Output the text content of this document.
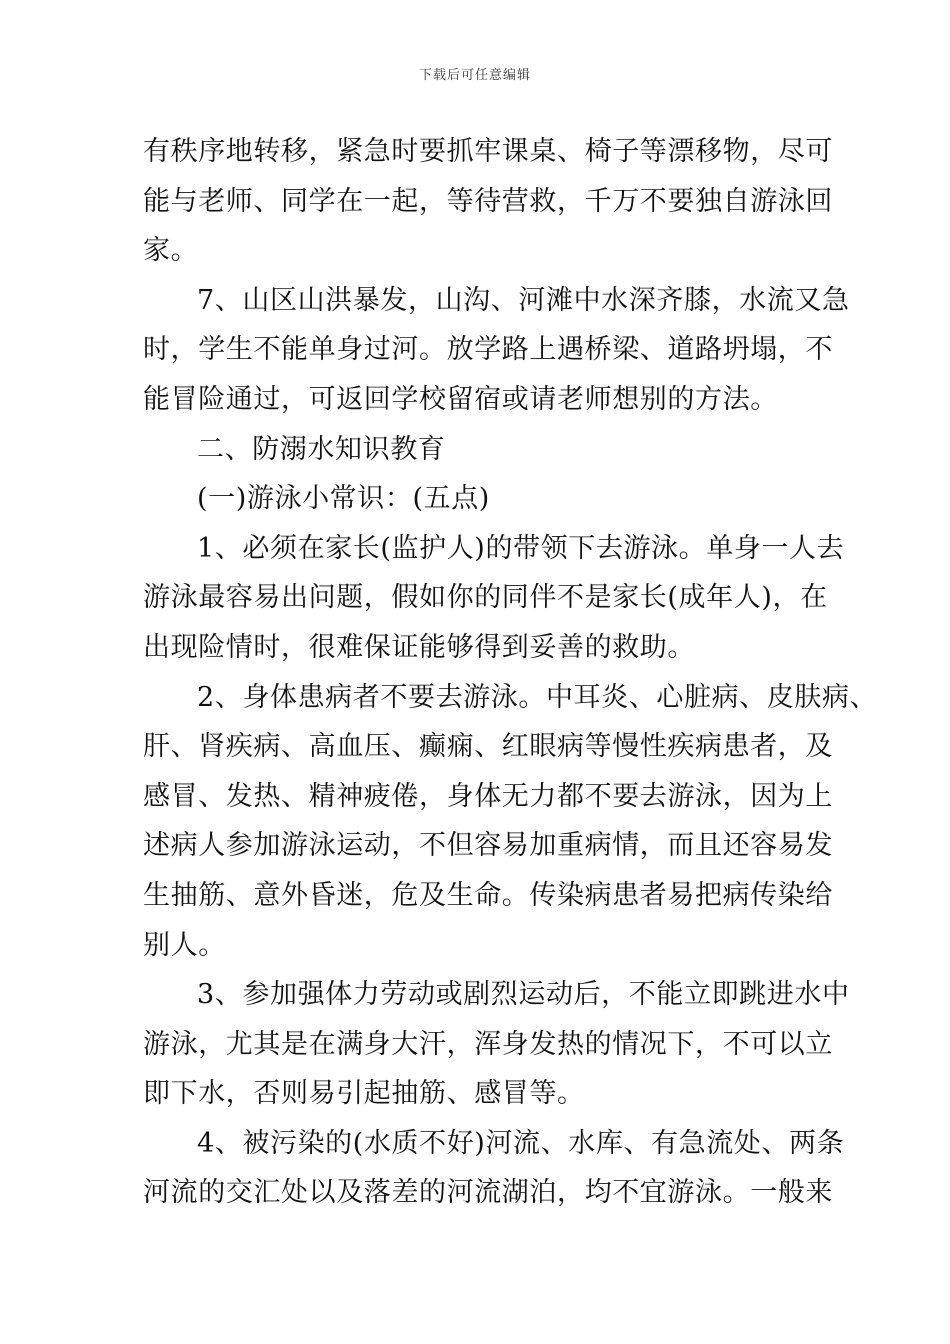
下载后可任意编辑
有秩序地转移，紧急时要抓牢课桌、椅子等漂移物，尽可
能与老师、同学在一起，等待营救，千万不要独自游泳回
家。
7、山区山洪暴发，山沟、河滩中水深齐膝，水流又急
时，学生不能单身过河。放学路上遇桥梁、道路坍塌，不
能冒险通过，可返回学校留宿或请老师想别的方法。
二、防溺水知识教育
(一)游泳小常识：(五点)
1、必须在家长(监护人)的带领下去游泳。单身一人去
游泳最容易出问题，假如你的同伴不是家长(成年人)，在
出现险情时，很难保证能够得到妥善的救助。
2、身体患病者不要去游泳。中耳炎、心脏病、皮肤病、
肝、肾疾病、高血压、癫痫、红眼病等慢性疾病患者，及
感冒、发热、精神疲倦，身体无力都不要去游泳，因为上
述病人参加游泳运动，不但容易加重病情，而且还容易发
生抽筋、意外昏迷，危及生命。传染病患者易把病传染给
别人。
3、参加强体力劳动或剧烈运动后，不能立即跳进水中
游泳，尤其是在满身大汗，浑身发热的情况下，不可以立
即下水，否则易引起抽筋、感冒等。
4、被污染的(水质不好)河流、水库、有急流处、两条
河流的交汇处以及落差的河流湖泊，均不宜游泳。一般来
